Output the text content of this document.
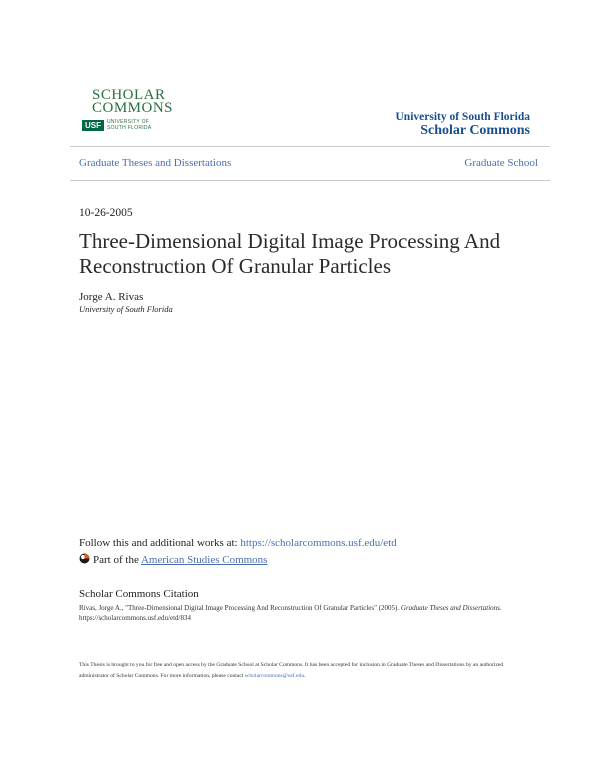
SCHOLAR
COMMONS
USF	UNIVERSITY OF SOUTH FLORIDA
University of South Florida
Scholar Commons
Graduate Theses and Dissertations	Graduate School
10-26-2005
Three-Dimensional Digital Image Processing And Reconstruction Of Granular Particles
Jorge A. Rivas
University of South Florida
Follow this and additional works at: https://scholarcommons.usf.edu/etd
Part of the American Studies Commons
Scholar Commons Citation
Rivas, Jorge A., "Three-Dimensional Digital Image Processing And Reconstruction Of Granular Particles" (2005). Graduate Theses and Dissertations.
https://scholarcommons.usf.edu/etd/834
This Thesis is brought to you for free and open access by the Graduate School at Scholar Commons. It has been accepted for inclusion in Graduate Theses and Dissertations by an authorized administrator of Scholar Commons. For more information, please contact scholarcommons@usf.edu.
